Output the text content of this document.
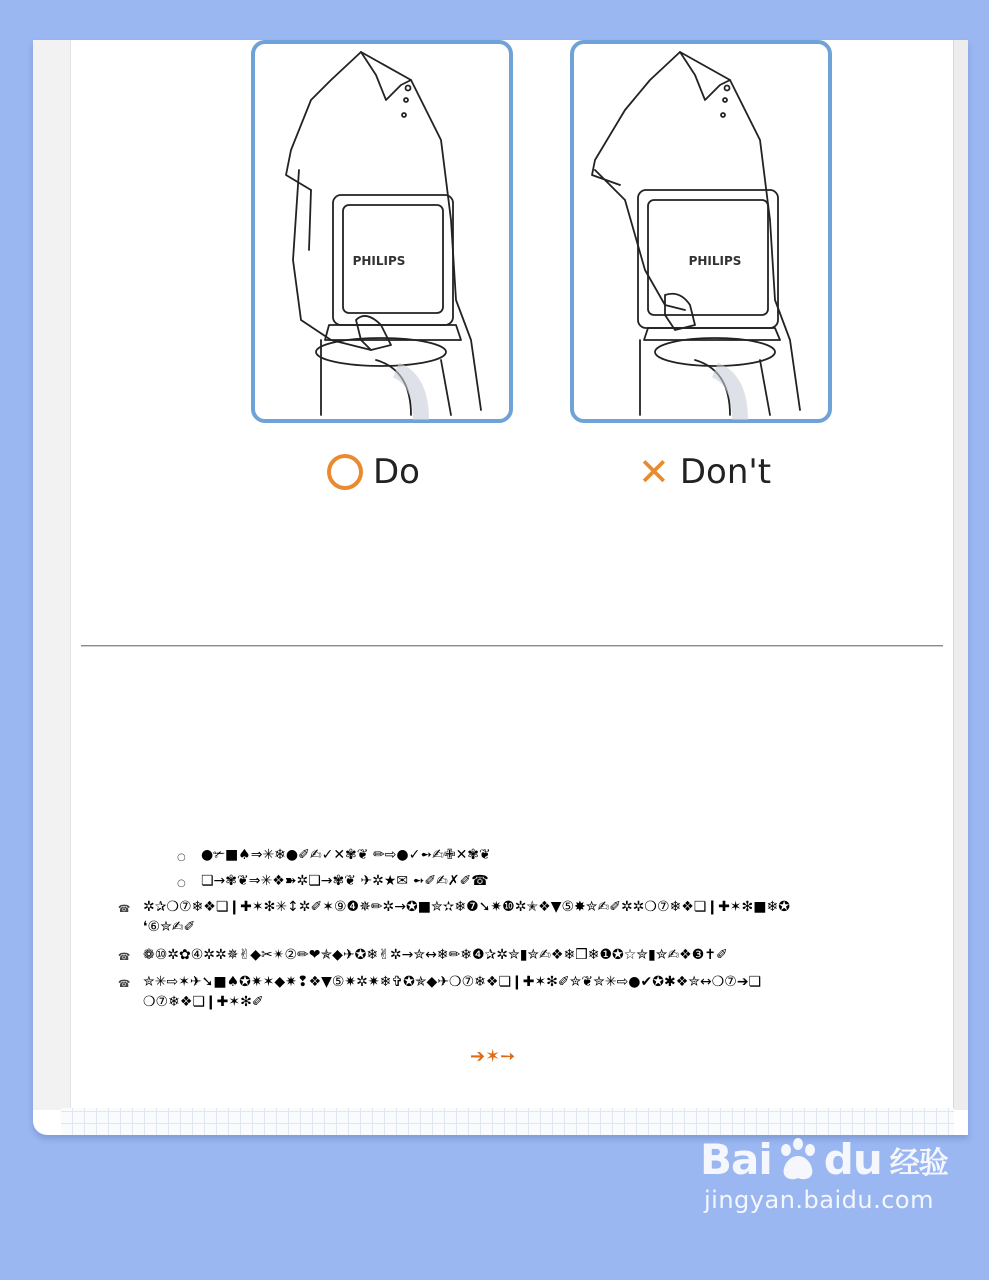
PHILIPS	PHILIPS
Do	✕ Don't
○ ●✃■♠⇒✳❄●✐✍✓✕✾❦ ✏⇨●✓➻✍✙✕✾❦
○ ❏→✾❦⇒✳❖➽✲❏→✾❦ ✈✲★✉ ➻✐✍✗✐☎
☎ ✲✰❍⑦❄❖❏❙✚✶✻✳↕✲✐✶⑨❹✵✏✲→✪■✮✫❄❼➘✷❿✲✭❖▼⑤✸✮✍✐✲✲❍⑦❄❖❏❙✚✶✻■❄✪
❛⑥✮✍✐
☎ ❁⑩✲✿④✲✲✵✌◆✂✴②✏❤✯◆✈✪❄✌✲→✮↔❄✏❄❹✰✲✮▮✮✍❖❄❒❄❶✪☆✮▮✮✍❖❸✝✐
☎ ✮✳⇨✶✈➘■♠✪✷✶◆✷❢❖▼⑤✷✲✷❄✞✪✯◆✈❍⑦❄❖❏❙✚✶✻✐✮❦✮✳⇨●✔✪✱❖✮↔❍⑦➔❏
❍⑦❄❖❏❙✚✶✻✐
➔✶➙
Bai du 经验
jingyan.baidu.com
